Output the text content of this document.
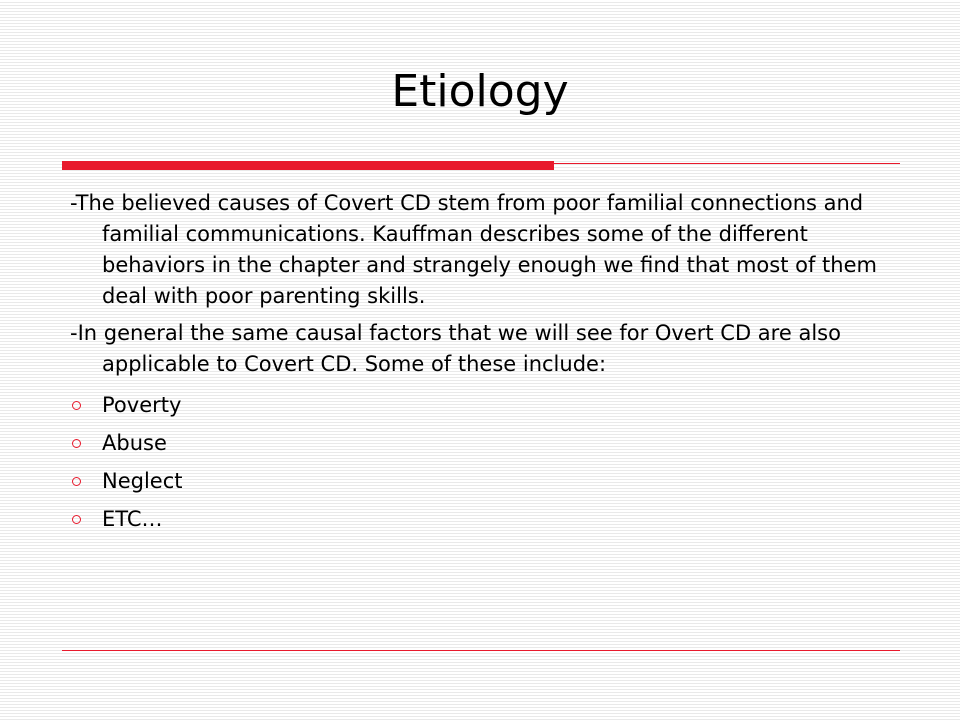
Etiology

-The believed causes of Covert CD stem from poor familial connections and familial communications. Kauffman describes some of the different behaviors in the chapter and strangely enough we find that most of them deal with poor parenting skills.

-In general the same causal factors that we will see for Overt CD are also applicable to Covert CD. Some of these include:

Poverty
Abuse
Neglect
ETC…
